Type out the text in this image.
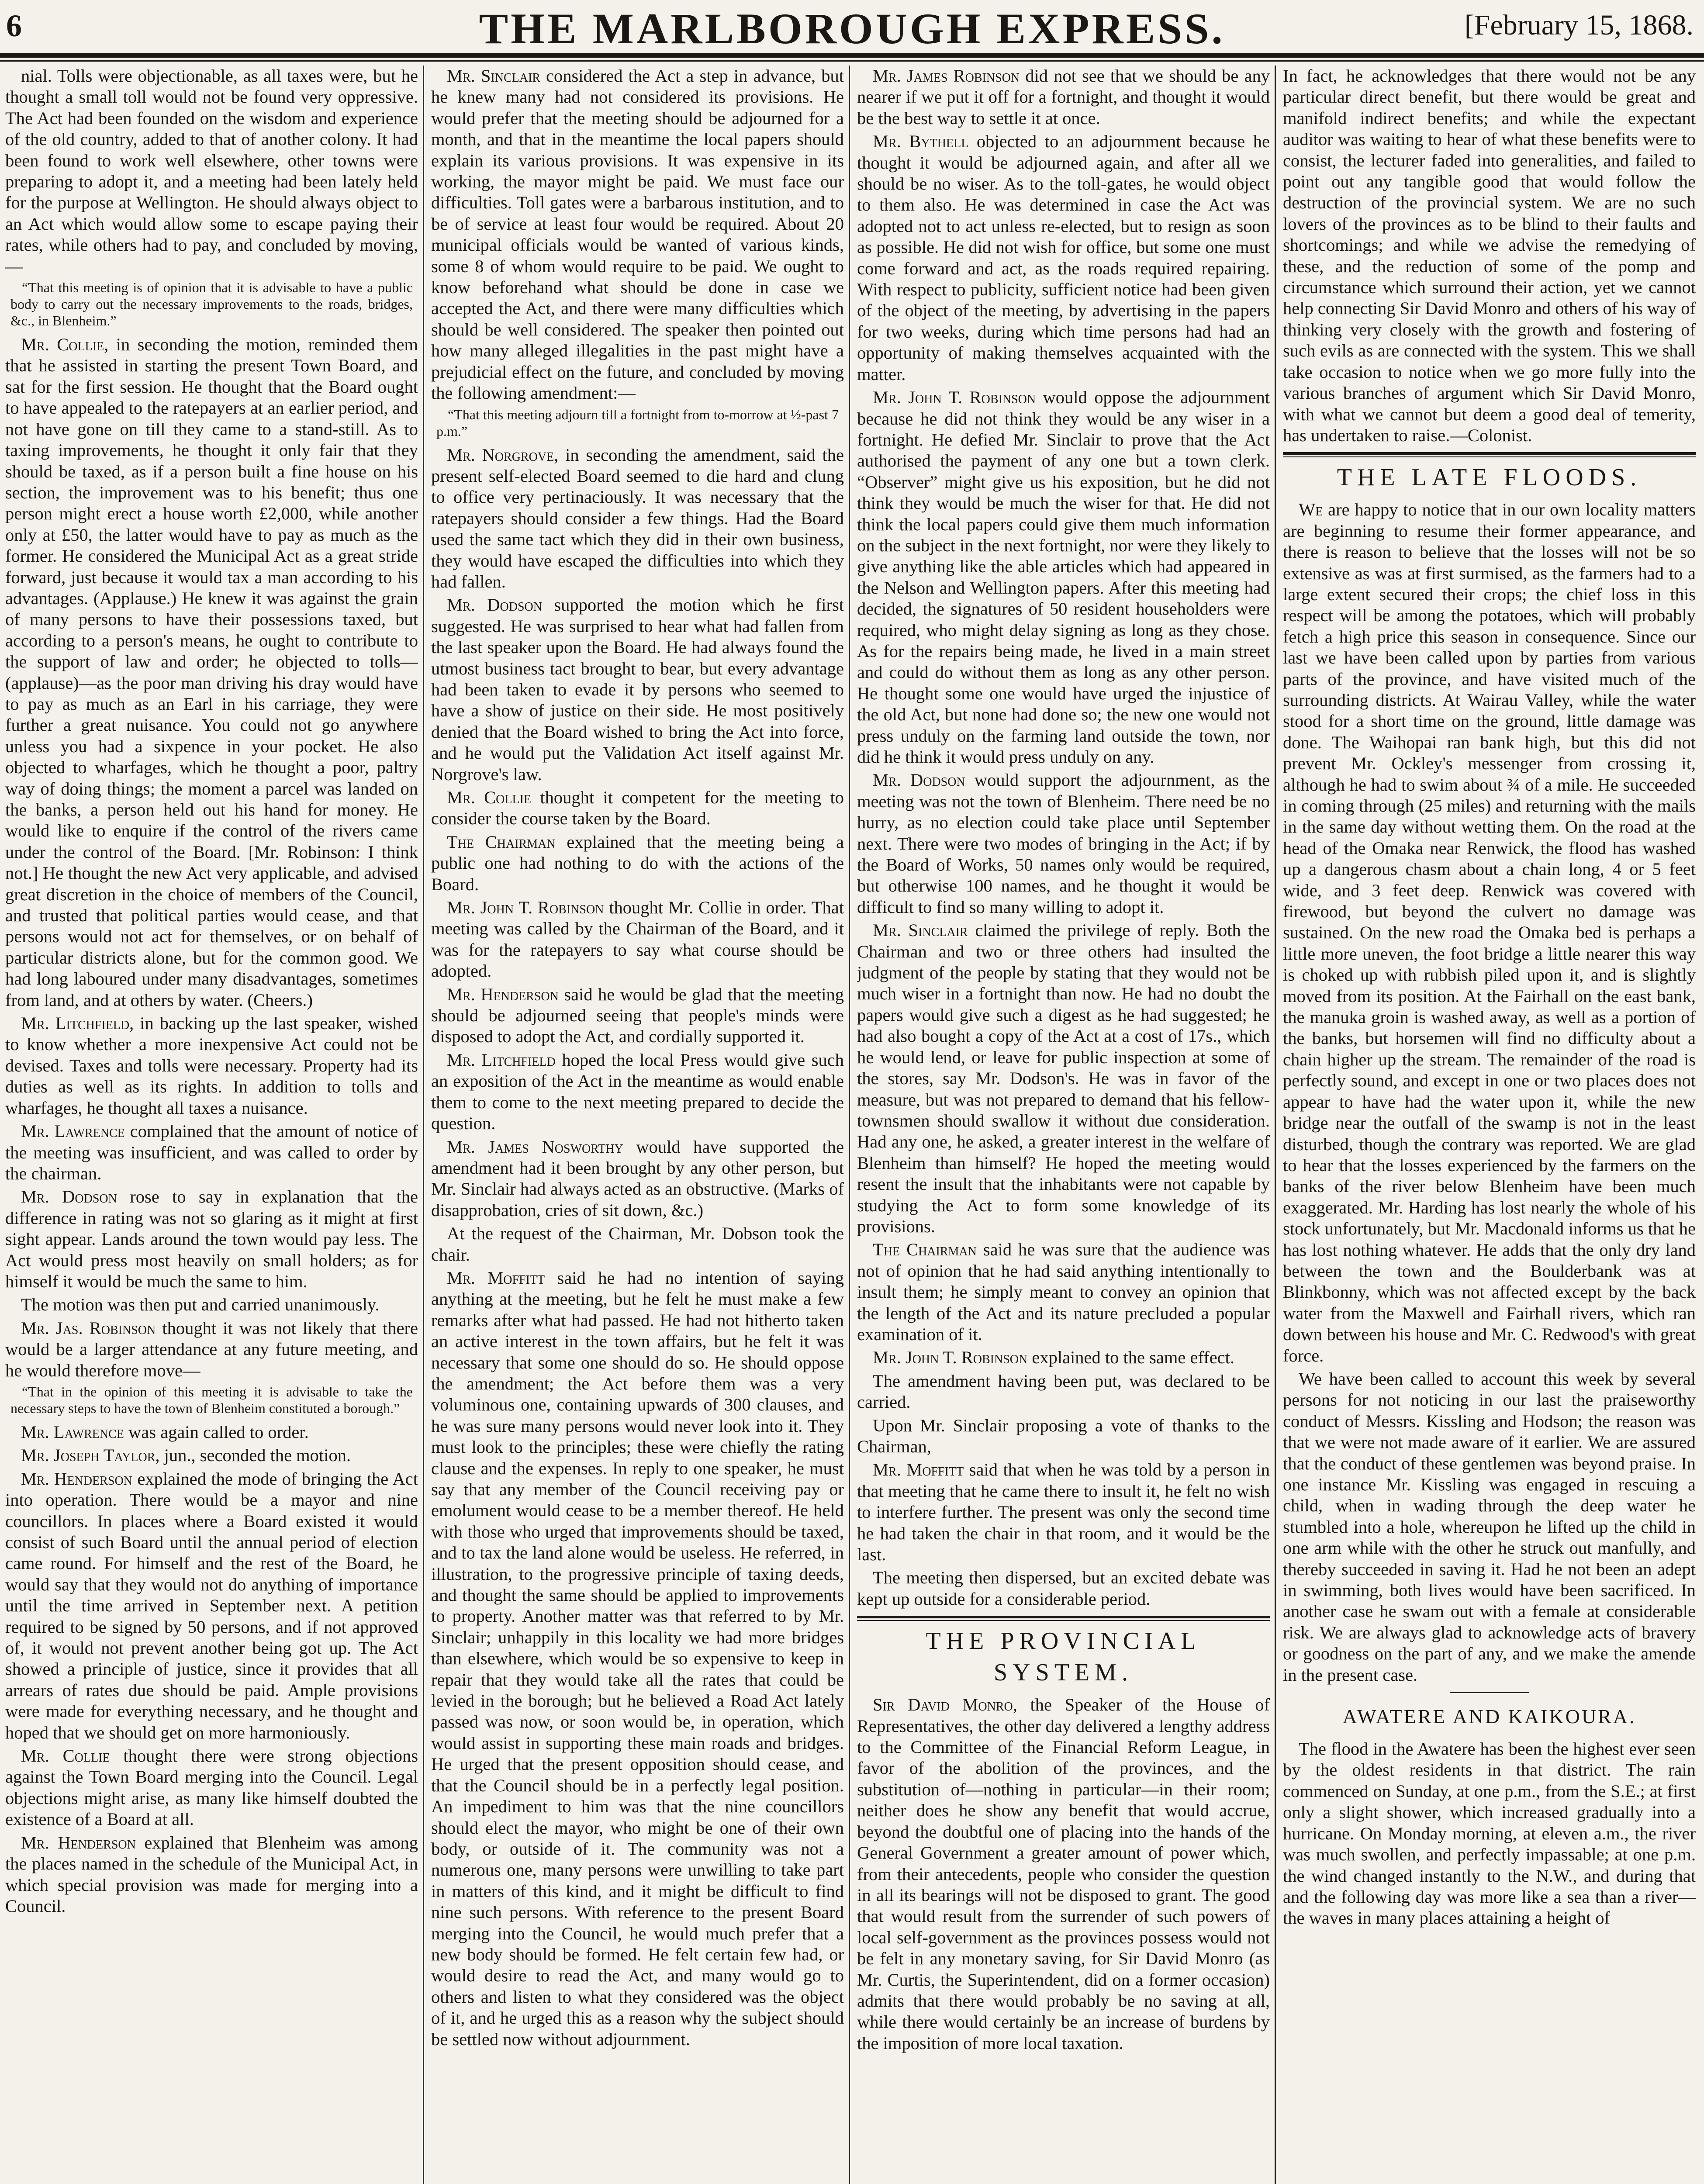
6	THE MARLBOROUGH EXPRESS.	[February 15, 1868.

nial. Tolls were objectionable, as all taxes were, but he thought a small toll would not be found very oppressive. The Act had been founded on the wisdom and experience of the old country, added to that of another colony. It had been found to work well elsewhere, other towns were preparing to adopt it, and a meeting had been lately held for the purpose at Wellington. He should always object to an Act which would allow some to escape paying their rates, while others had to pay, and concluded by moving,—

“That this meeting is of opinion that it is advisable to have a public body to carry out the necessary improvements to the roads, bridges, &c., in Blenheim.”

Mr. Collie, in seconding the motion, reminded them that he assisted in starting the present Town Board, and sat for the first session. He thought that the Board ought to have appealed to the ratepayers at an earlier period, and not have gone on till they came to a stand-still. As to taxing improvements, he thought it only fair that they should be taxed, as if a person built a fine house on his section, the improvement was to his benefit; thus one person might erect a house worth £2,000, while another only at £50, the latter would have to pay as much as the former. He considered the Municipal Act as a great stride forward, just because it would tax a man according to his advantages. (Applause.) He knew it was against the grain of many persons to have their possessions taxed, but according to a person's means, he ought to contribute to the support of law and order; he objected to tolls—(applause)—as the poor man driving his dray would have to pay as much as an Earl in his carriage, they were further a great nuisance. You could not go anywhere unless you had a sixpence in your pocket. He also objected to wharfages, which he thought a poor, paltry way of doing things; the moment a parcel was landed on the banks, a person held out his hand for money. He would like to enquire if the control of the rivers came under the control of the Board. [Mr. Robinson: I think not.] He thought the new Act very applicable, and advised great discretion in the choice of members of the Council, and trusted that political parties would cease, and that persons would not act for themselves, or on behalf of particular districts alone, but for the common good. We had long laboured under many disadvantages, sometimes from land, and at others by water. (Cheers.)

Mr. Litchfield, in backing up the last speaker, wished to know whether a more inexpensive Act could not be devised. Taxes and tolls were necessary. Property had its duties as well as its rights. In addition to tolls and wharfages, he thought all taxes a nuisance.

Mr. Lawrence complained that the amount of notice of the meeting was insufficient, and was called to order by the chairman.

Mr. Dodson rose to say in explanation that the difference in rating was not so glaring as it might at first sight appear. Lands around the town would pay less. The Act would press most heavily on small holders; as for himself it would be much the same to him.

The motion was then put and carried unanimously.

Mr. Jas. Robinson thought it was not likely that there would be a larger attendance at any future meeting, and he would therefore move—

“That in the opinion of this meeting it is advisable to take the necessary steps to have the town of Blenheim constituted a borough.”

Mr. Lawrence was again called to order.

Mr. Joseph Taylor, jun., seconded the motion.

Mr. Henderson explained the mode of bringing the Act into operation. There would be a mayor and nine councillors. In places where a Board existed it would consist of such Board until the annual period of election came round. For himself and the rest of the Board, he would say that they would not do anything of importance until the time arrived in September next. A petition required to be signed by 50 persons, and if not approved of, it would not prevent another being got up. The Act showed a principle of justice, since it provides that all arrears of rates due should be paid. Ample provisions were made for everything necessary, and he thought and hoped that we should get on more harmoniously.

Mr. Collie thought there were strong objections against the Town Board merging into the Council. Legal objections might arise, as many like himself doubted the existence of a Board at all.

Mr. Henderson explained that Blenheim was among the places named in the schedule of the Municipal Act, in which special provision was made for merging into a Council.

Mr. Sinclair considered the Act a step in advance, but he knew many had not considered its provisions. He would prefer that the meeting should be adjourned for a month, and that in the meantime the local papers should explain its various provisions. It was expensive in its working, the mayor might be paid. We must face our difficulties. Toll gates were a barbarous institution, and to be of service at least four would be required. About 20 municipal officials would be wanted of various kinds, some 8 of whom would require to be paid. We ought to know beforehand what should be done in case we accepted the Act, and there were many difficulties which should be well considered. The speaker then pointed out how many alleged illegalities in the past might have a prejudicial effect on the future, and concluded by moving the following amendment:—

“That this meeting adjourn till a fortnight from to-morrow at ½-past 7 p.m.”

Mr. Norgrove, in seconding the amendment, said the present self-elected Board seemed to die hard and clung to office very pertinaciously. It was necessary that the ratepayers should consider a few things. Had the Board used the same tact which they did in their own business, they would have escaped the difficulties into which they had fallen.

Mr. Dodson supported the motion which he first suggested. He was surprised to hear what had fallen from the last speaker upon the Board. He had always found the utmost business tact brought to bear, but every advantage had been taken to evade it by persons who seemed to have a show of justice on their side. He most positively denied that the Board wished to bring the Act into force, and he would put the Validation Act itself against Mr. Norgrove's law.

Mr. Collie thought it competent for the meeting to consider the course taken by the Board.

The Chairman explained that the meeting being a public one had nothing to do with the actions of the Board.

Mr. John T. Robinson thought Mr. Collie in order. That meeting was called by the Chairman of the Board, and it was for the ratepayers to say what course should be adopted.

Mr. Henderson said he would be glad that the meeting should be adjourned seeing that people's minds were disposed to adopt the Act, and cordially supported it.

Mr. Litchfield hoped the local Press would give such an exposition of the Act in the meantime as would enable them to come to the next meeting prepared to decide the question.

Mr. James Nosworthy would have supported the amendment had it been brought by any other person, but Mr. Sinclair had always acted as an obstructive. (Marks of disapprobation, cries of sit down, &c.)

At the request of the Chairman, Mr. Dobson took the chair.

Mr. Moffitt said he had no intention of saying anything at the meeting, but he felt he must make a few remarks after what had passed. He had not hitherto taken an active interest in the town affairs, but he felt it was necessary that some one should do so. He should oppose the amendment; the Act before them was a very voluminous one, containing upwards of 300 clauses, and he was sure many persons would never look into it. They must look to the principles; these were chiefly the rating clause and the expenses. In reply to one speaker, he must say that any member of the Council receiving pay or emolument would cease to be a member thereof. He held with those who urged that improvements should be taxed, and to tax the land alone would be useless. He referred, in illustration, to the progressive principle of taxing deeds, and thought the same should be applied to improvements to property. Another matter was that referred to by Mr. Sinclair; unhappily in this locality we had more bridges than elsewhere, which would be so expensive to keep in repair that they would take all the rates that could be levied in the borough; but he believed a Road Act lately passed was now, or soon would be, in operation, which would assist in supporting these main roads and bridges. He urged that the present opposition should cease, and that the Council should be in a perfectly legal position. An impediment to him was that the nine councillors should elect the mayor, who might be one of their own body, or outside of it. The community was not a numerous one, many persons were unwilling to take part in matters of this kind, and it might be difficult to find nine such persons. With reference to the present Board merging into the Council, he would much prefer that a new body should be formed. He felt certain few had, or would desire to read the Act, and many would go to others and listen to what they considered was the object of it, and he urged this as a reason why the subject should be settled now without adjournment.

Mr. James Robinson did not see that we should be any nearer if we put it off for a fortnight, and thought it would be the best way to settle it at once.

Mr. Bythell objected to an adjournment because he thought it would be adjourned again, and after all we should be no wiser. As to the toll-gates, he would object to them also. He was determined in case the Act was adopted not to act unless re-elected, but to resign as soon as possible. He did not wish for office, but some one must come forward and act, as the roads required repairing. With respect to publicity, sufficient notice had been given of the object of the meeting, by advertising in the papers for two weeks, during which time persons had had an opportunity of making themselves acquainted with the matter.

Mr. John T. Robinson would oppose the adjournment because he did not think they would be any wiser in a fortnight. He defied Mr. Sinclair to prove that the Act authorised the payment of any one but a town clerk. “Observer” might give us his exposition, but he did not think they would be much the wiser for that. He did not think the local papers could give them much information on the subject in the next fortnight, nor were they likely to give anything like the able articles which had appeared in the Nelson and Wellington papers. After this meeting had decided, the signatures of 50 resident householders were required, who might delay signing as long as they chose. As for the repairs being made, he lived in a main street and could do without them as long as any other person. He thought some one would have urged the injustice of the old Act, but none had done so; the new one would not press unduly on the farming land outside the town, nor did he think it would press unduly on any.

Mr. Dodson would support the adjournment, as the meeting was not the town of Blenheim. There need be no hurry, as no election could take place until September next. There were two modes of bringing in the Act; if by the Board of Works, 50 names only would be required, but otherwise 100 names, and he thought it would be difficult to find so many willing to adopt it.

Mr. Sinclair claimed the privilege of reply. Both the Chairman and two or three others had insulted the judgment of the people by stating that they would not be much wiser in a fortnight than now. He had no doubt the papers would give such a digest as he had suggested; he had also bought a copy of the Act at a cost of 17s., which he would lend, or leave for public inspection at some of the stores, say Mr. Dodson's. He was in favor of the measure, but was not prepared to demand that his fellow-townsmen should swallow it without due consideration. Had any one, he asked, a greater interest in the welfare of Blenheim than himself? He hoped the meeting would resent the insult that the inhabitants were not capable by studying the Act to form some knowledge of its provisions.

The Chairman said he was sure that the audience was not of opinion that he had said anything intentionally to insult them; he simply meant to convey an opinion that the length of the Act and its nature precluded a popular examination of it.

Mr. John T. Robinson explained to the same effect.

The amendment having been put, was declared to be carried.

Upon Mr. Sinclair proposing a vote of thanks to the Chairman,

Mr. Moffitt said that when he was told by a person in that meeting that he came there to insult it, he felt no wish to interfere further. The present was only the second time he had taken the chair in that room, and it would be the last.

The meeting then dispersed, but an excited debate was kept up outside for a considerable period.

THE PROVINCIAL SYSTEM.

Sir David Monro, the Speaker of the House of Representatives, the other day delivered a lengthy address to the Committee of the Financial Reform League, in favor of the abolition of the provinces, and the substitution of—nothing in particular—in their room; neither does he show any benefit that would accrue, beyond the doubtful one of placing into the hands of the General Government a greater amount of power which, from their antecedents, people who consider the question in all its bearings will not be disposed to grant. The good that would result from the surrender of such powers of local self-government as the provinces possess would not be felt in any monetary saving, for Sir David Monro (as Mr. Curtis, the Superintendent, did on a former occasion) admits that there would probably be no saving at all, while there would certainly be an increase of burdens by the imposition of more local taxation.

In fact, he acknowledges that there would not be any particular direct benefit, but there would be great and manifold indirect benefits; and while the expectant auditor was waiting to hear of what these benefits were to consist, the lecturer faded into generalities, and failed to point out any tangible good that would follow the destruction of the provincial system. We are no such lovers of the provinces as to be blind to their faults and shortcomings; and while we advise the remedying of these, and the reduction of some of the pomp and circumstance which surround their action, yet we cannot help connecting Sir David Monro and others of his way of thinking very closely with the growth and fostering of such evils as are connected with the system. This we shall take occasion to notice when we go more fully into the various branches of argument which Sir David Monro, with what we cannot but deem a good deal of temerity, has undertaken to raise.—Colonist.

THE LATE FLOODS.

We are happy to notice that in our own locality matters are beginning to resume their former appearance, and there is reason to believe that the losses will not be so extensive as was at first surmised, as the farmers had to a large extent secured their crops; the chief loss in this respect will be among the potatoes, which will probably fetch a high price this season in consequence. Since our last we have been called upon by parties from various parts of the province, and have visited much of the surrounding districts. At Wairau Valley, while the water stood for a short time on the ground, little damage was done. The Waihopai ran bank high, but this did not prevent Mr. Ockley's messenger from crossing it, although he had to swim about ¾ of a mile. He succeeded in coming through (25 miles) and returning with the mails in the same day without wetting them. On the road at the head of the Omaka near Renwick, the flood has washed up a dangerous chasm about a chain long, 4 or 5 feet wide, and 3 feet deep. Renwick was covered with firewood, but beyond the culvert no damage was sustained. On the new road the Omaka bed is perhaps a little more uneven, the foot bridge a little nearer this way is choked up with rubbish piled upon it, and is slightly moved from its position. At the Fairhall on the east bank, the manuka groin is washed away, as well as a portion of the banks, but horsemen will find no difficulty about a chain higher up the stream. The remainder of the road is perfectly sound, and except in one or two places does not appear to have had the water upon it, while the new bridge near the outfall of the swamp is not in the least disturbed, though the contrary was reported. We are glad to hear that the losses experienced by the farmers on the banks of the river below Blenheim have been much exaggerated. Mr. Harding has lost nearly the whole of his stock unfortunately, but Mr. Macdonald informs us that he has lost nothing whatever. He adds that the only dry land between the town and the Boulderbank was at Blinkbonny, which was not affected except by the back water from the Maxwell and Fairhall rivers, which ran down between his house and Mr. C. Redwood's with great force.

We have been called to account this week by several persons for not noticing in our last the praiseworthy conduct of Messrs. Kissling and Hodson; the reason was that we were not made aware of it earlier. We are assured that the conduct of these gentlemen was beyond praise. In one instance Mr. Kissling was engaged in rescuing a child, when in wading through the deep water he stumbled into a hole, whereupon he lifted up the child in one arm while with the other he struck out manfully, and thereby succeeded in saving it. Had he not been an adept in swimming, both lives would have been sacrificed. In another case he swam out with a female at considerable risk. We are always glad to acknowledge acts of bravery or goodness on the part of any, and we make the amende in the present case.

AWATERE AND KAIKOURA.

The flood in the Awatere has been the highest ever seen by the oldest residents in that district. The rain commenced on Sunday, at one p.m., from the S.E.; at first only a slight shower, which increased gradually into a hurricane. On Monday morning, at eleven a.m., the river was much swollen, and perfectly impassable; at one p.m. the wind changed instantly to the N.W., and during that and the following day was more like a sea than a river—the waves in many places attaining a height of
